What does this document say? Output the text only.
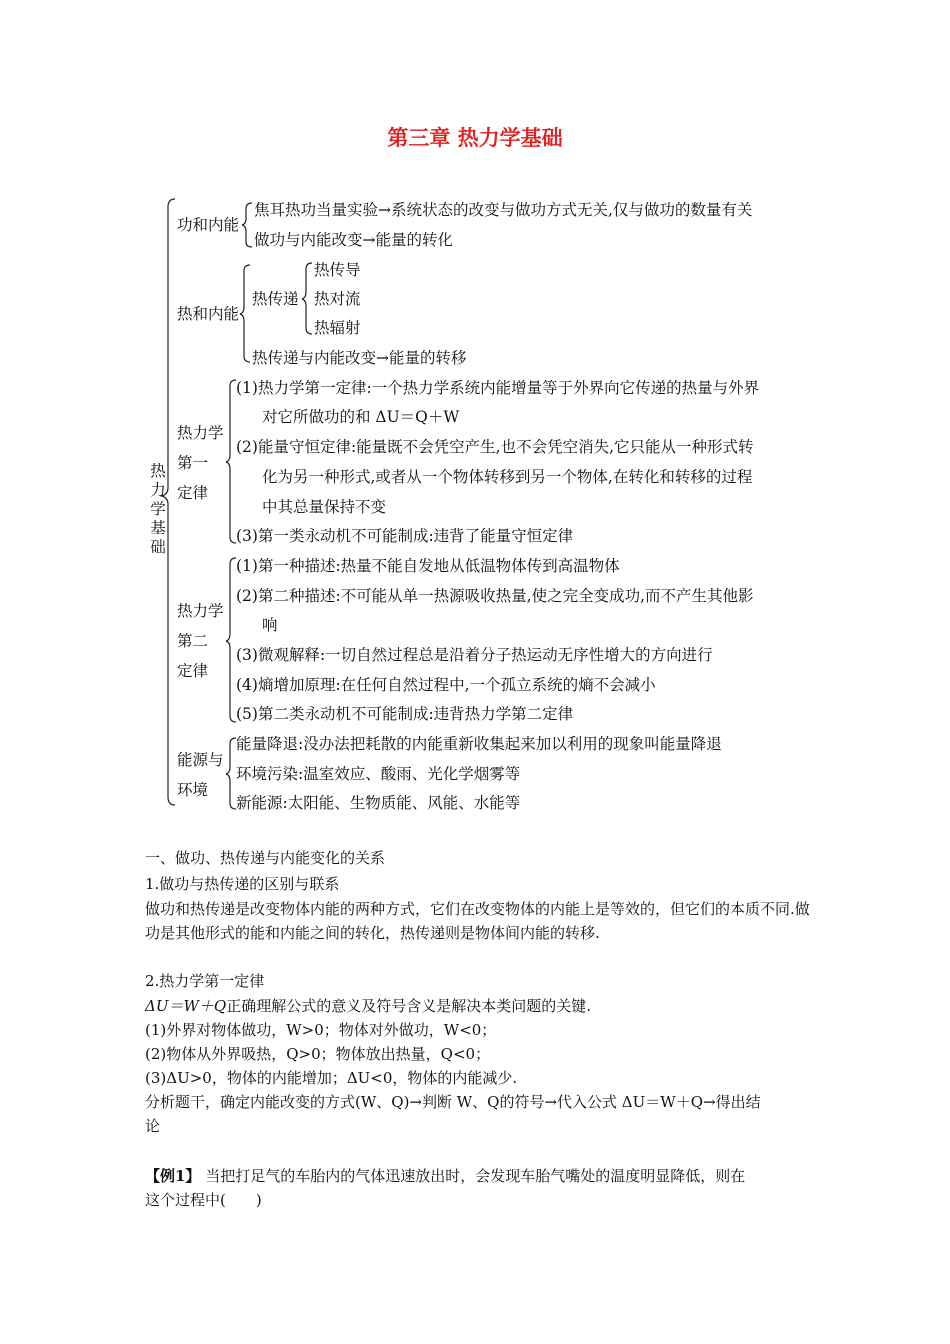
第三章 热力学基础
热力学基础
功和内能
焦耳热功当量实验→系统状态的改变与做功方式无关,仅与做功的数量有关
做功与内能改变→能量的转化
热和内能
热传递
热传导
热对流
热辐射
热传递与内能改变→能量的转移
热力学
第一
定律
(1)热力学第一定律:一个热力学系统内能增量等于外界向它传递的热量与外界
对它所做功的和 ΔU＝Q＋W
(2)能量守恒定律:能量既不会凭空产生,也不会凭空消失,它只能从一种形式转
化为另一种形式,或者从一个物体转移到另一个物体,在转化和转移的过程
中其总量保持不变
(3)第一类永动机不可能制成:违背了能量守恒定律
热力学
第二
定律
(1)第一种描述:热量不能自发地从低温物体传到高温物体
(2)第二种描述:不可能从单一热源吸收热量,使之完全变成功,而不产生其他影
响
(3)微观解释:一切自然过程总是沿着分子热运动无序性增大的方向进行
(4)熵增加原理:在任何自然过程中,一个孤立系统的熵不会减小
(5)第二类永动机不可能制成:违背热力学第二定律
能源与
环境
能量降退:没办法把耗散的内能重新收集起来加以利用的现象叫能量降退
环境污染:温室效应、酸雨、光化学烟雾等
新能源:太阳能、生物质能、风能、水能等
一、做功、热传递与内能变化的关系
1.做功与热传递的区别与联系
做功和热传递是改变物体内能的两种方式，它们在改变物体的内能上是等效的，但它们的本质不同.做功是其他形式的能和内能之间的转化，热传递则是物体间内能的转移.
2.热力学第一定律
ΔU＝W＋Q正确理解公式的意义及符号含义是解决本类问题的关键.
(1)外界对物体做功，W>0；物体对外做功，W<0；
(2)物体从外界吸热，Q>0；物体放出热量，Q<0；
(3)ΔU>0，物体的内能增加；ΔU<0，物体的内能减少.
分析题干，确定内能改变的方式(W、Q)→判断 W、Q的符号→代入公式 ΔU＝W＋Q→得出结
论
【例1】 当把打足气的车胎内的气体迅速放出时，会发现车胎气嘴处的温度明显降低，则在
这个过程中(　　)
